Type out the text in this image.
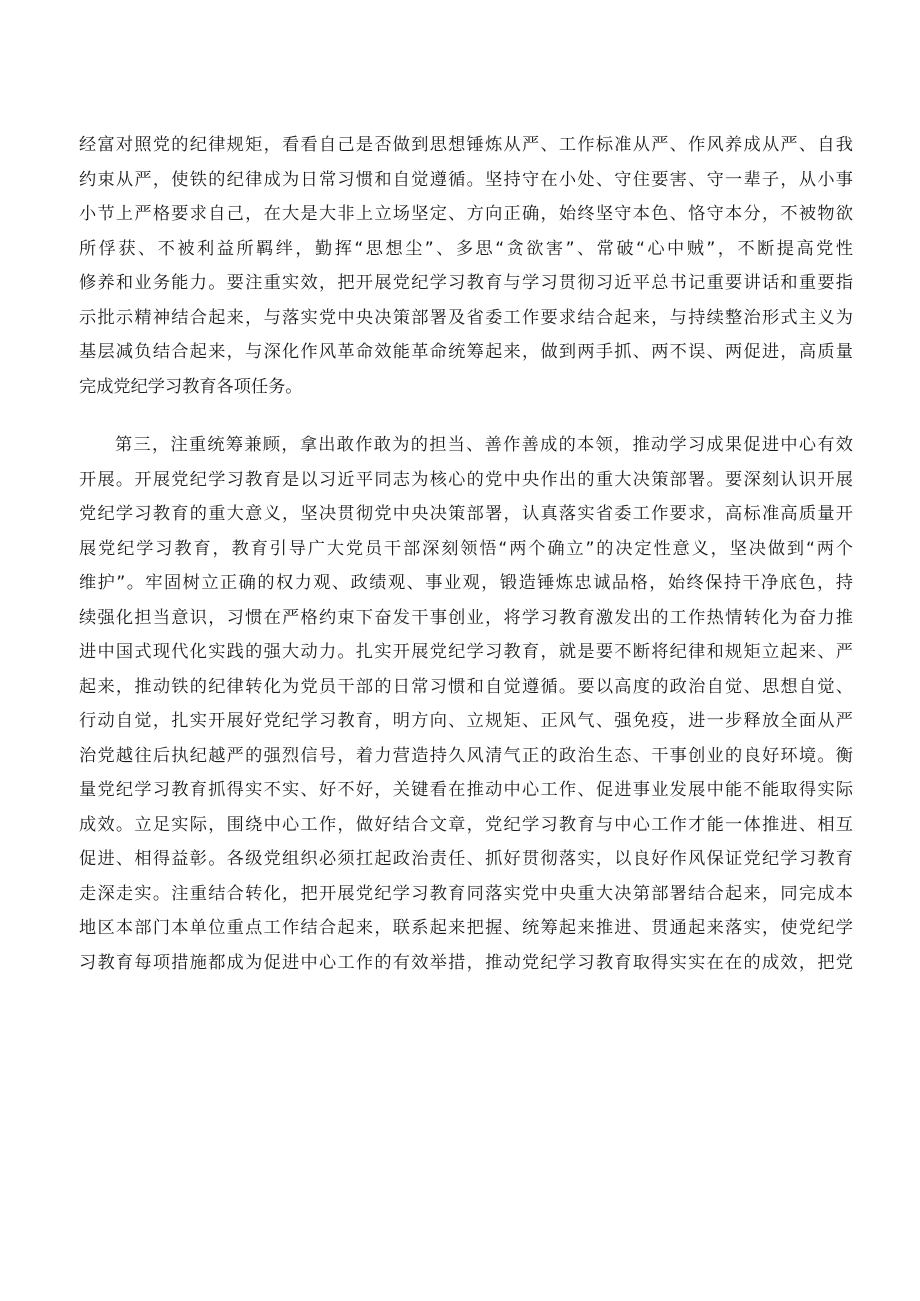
经富对照党的纪律规矩，看看自己是否做到思想锤炼从严、工作标准从严、作风养成从严、自我
约束从严，使铁的纪律成为日常习惯和自觉遵循。坚持守在小处、守住要害、守一辈子，从小事
小节上严格要求自己，在大是大非上立场坚定、方向正确，始终坚守本色、恪守本分，不被物欲
所俘获、不被利益所羁绊，勤挥“思想尘”、多思“贪欲害”、常破“心中贼”，不断提高党性
修养和业务能力。要注重实效，把开展党纪学习教育与学习贯彻习近平总书记重要讲话和重要指
示批示精神结合起来，与落实党中央决策部署及省委工作要求结合起来，与持续整治形式主义为
基层减负结合起来，与深化作风革命效能革命统筹起来，做到两手抓、两不误、两促进，高质量
完成党纪学习教育各项任务。
第三，注重统筹兼顾，拿出敢作敢为的担当、善作善成的本领，推动学习成果促进中心有效
开展。开展党纪学习教育是以习近平同志为核心的党中央作出的重大决策部署。要深刻认识开展
党纪学习教育的重大意义，坚决贯彻党中央决策部署，认真落实省委工作要求，高标准高质量开
展党纪学习教育，教育引导广大党员干部深刻领悟“两个确立”的决定性意义，坚决做到“两个
维护”。牢固树立正确的权力观、政绩观、事业观，锻造锤炼忠诚品格，始终保持干净底色，持
续强化担当意识，习惯在严格约束下奋发干事创业，将学习教育激发出的工作热情转化为奋力推
进中国式现代化实践的强大动力。扎实开展党纪学习教育，就是要不断将纪律和规矩立起来、严
起来，推动铁的纪律转化为党员干部的日常习惯和自觉遵循。要以高度的政治自觉、思想自觉、
行动自觉，扎实开展好党纪学习教育，明方向、立规矩、正风气、强免疫，进一步释放全面从严
治党越往后执纪越严的强烈信号，着力营造持久风清气正的政治生态、干事创业的良好环境。衡
量党纪学习教育抓得实不实、好不好，关键看在推动中心工作、促进事业发展中能不能取得实际
成效。立足实际，围绕中心工作，做好结合文章，党纪学习教育与中心工作才能一体推进、相互
促进、相得益彰。各级党组织必须扛起政治责任、抓好贯彻落实，以良好作风保证党纪学习教育
走深走实。注重结合转化，把开展党纪学习教育同落实党中央重大决第部署结合起来，同完成本
地区本部门本单位重点工作结合起来，联系起来把握、统筹起来推进、贯通起来落实，使党纪学
习教育每项措施都成为促进中心工作的有效举措，推动党纪学习教育取得实实在在的成效，把党
